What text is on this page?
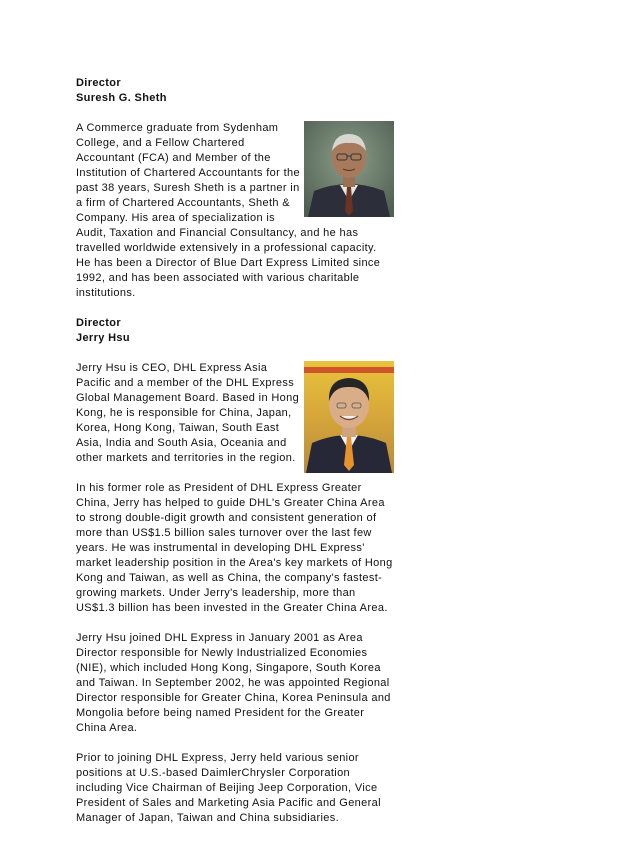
Director

Suresh G. Sheth

A Commerce graduate from Sydenham College, and a Fellow Chartered Accountant (FCA) and Member of the Institution of Chartered Accountants for the past 38 years, Suresh Sheth is a partner in a firm of Chartered Accountants, Sheth & Company. His area of specialization is Audit, Taxation and Financial Consultancy, and he has travelled worldwide extensively in a professional capacity. He has been a Director of Blue Dart Express Limited since 1992, and has been associated with various charitable institutions.

Director

Jerry Hsu

Jerry Hsu is CEO, DHL Express Asia Pacific and a member of the DHL Express Global Management Board. Based in Hong Kong, he is responsible for China, Japan, Korea, Hong Kong, Taiwan, South East Asia, India and South Asia, Oceania and other markets and territories in the region.

In his former role as President of DHL Express Greater China, Jerry has helped to guide DHL's Greater China Area to strong double-digit growth and consistent generation of more than US$1.5 billion sales turnover over the last few years. He was instrumental in developing DHL Express' market leadership position in the Area's key markets of Hong Kong and Taiwan, as well as China, the company's fastest-growing markets. Under Jerry's leadership, more than US$1.3 billion has been invested in the Greater China Area.

Jerry Hsu joined DHL Express in January 2001 as Area Director responsible for Newly Industrialized Economies (NIE), which included Hong Kong, Singapore, South Korea and Taiwan. In September 2002, he was appointed Regional Director responsible for Greater China, Korea Peninsula and Mongolia before being named President for the Greater China Area.

Prior to joining DHL Express, Jerry held various senior positions at U.S.-based DaimlerChrysler Corporation including Vice Chairman of Beijing Jeep Corporation, Vice President of Sales and Marketing Asia Pacific and General Manager of Japan, Taiwan and China subsidiaries.
